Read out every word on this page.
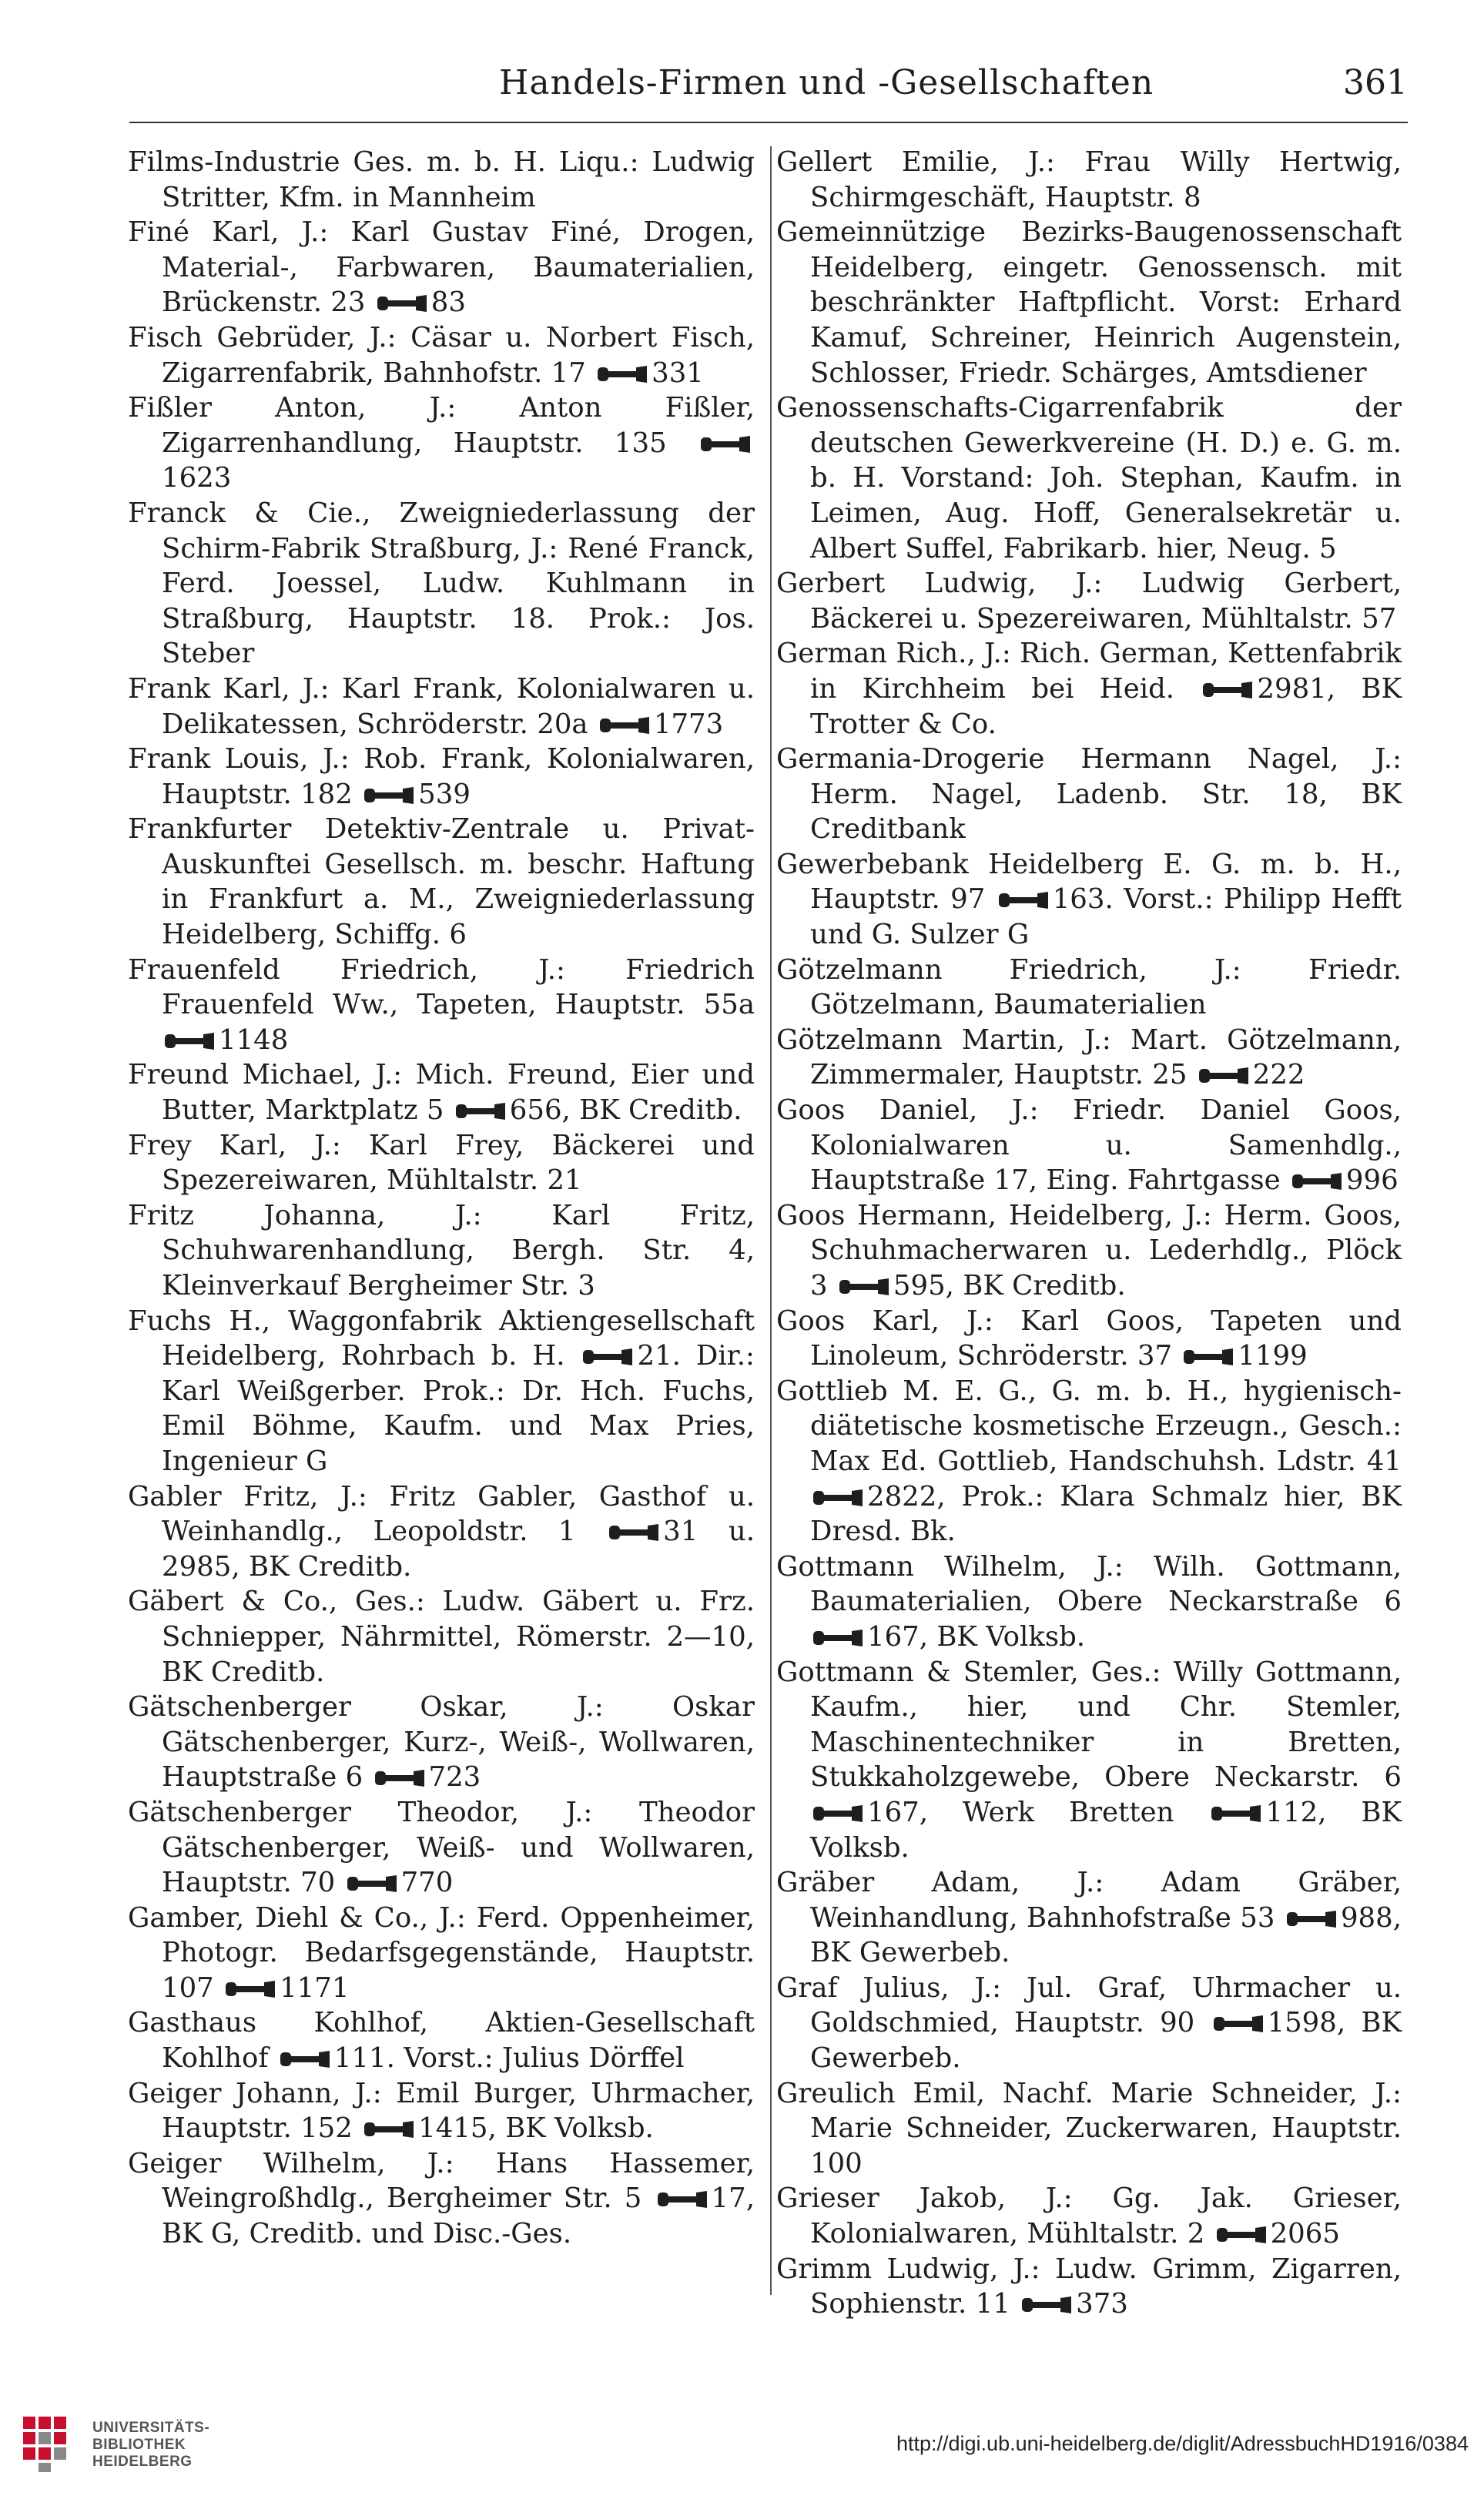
Handels-Firmen und -Gesellschaften	361

Films-Industrie Ges. m. b. H. Liqu.: Ludwig Stritter, Kfm. in Mannheim

Finé Karl, J.: Karl Gustav Finé, Drogen, Material-, Farbwaren, Baumaterialien, Brückenstr. 23 83

Fisch Gebrüder, J.: Cäsar u. Norbert Fisch, Zigarrenfabrik, Bahnhofstr. 17 331

Fißler Anton, J.: Anton Fißler, Zigarrenhandlung, Hauptstr. 135
1623

Franck & Cie., Zweigniederlassung der Schirm-Fabrik Straßburg, J.: René Franck, Ferd. Joessel, Ludw. Kuhlmann in Straßburg, Hauptstr. 18. Prok.: Jos. Steber

Frank Karl, J.: Karl Frank, Kolonialwaren u. Delikatessen, Schröderstr. 20a 1773

Frank Louis, J.: Rob. Frank, Kolonialwaren, Hauptstr. 182 539

Frankfurter Detektiv-Zentrale u. Privat-Auskunftei Gesellsch. m. beschr. Haftung in Frankfurt a. M., Zweigniederlassung Heidelberg, Schiffg. 6

Frauenfeld Friedrich, J.: Friedrich Frauenfeld Ww., Tapeten, Hauptstr. 55a
1148

Freund Michael, J.: Mich. Freund, Eier und Butter, Marktplatz 5 656, BK Creditb.

Frey Karl, J.: Karl Frey, Bäckerei und Spezereiwaren, Mühltalstr. 21

Fritz Johanna, J.: Karl Fritz, Schuhwarenhandlung, Bergh. Str. 4, Kleinverkauf Bergheimer Str. 3

Fuchs H., Waggonfabrik Aktiengesellschaft Heidelberg, Rohrbach b. H.	21. Dir.: Karl Weißgerber. Prok.: Dr. Hch. Fuchs, Emil Böhme, Kaufm. und Max Pries, Ingenieur G

Gabler Fritz, J.: Fritz Gabler, Gasthof u. Weinhandlg., Leopoldstr. 1	31 u. 2985, BK Creditb.

Gäbert & Co., Ges.: Ludw. Gäbert u. Frz. Schniepper, Nährmittel, Römerstr. 2—10, BK Creditb.

Gätschenberger Oskar, J.: Oskar Gätschenberger, Kurz-, Weiß-, Wollwaren, Hauptstraße 6 723

Gätschenberger Theodor, J.: Theodor Gätschenberger, Weiß- und Wollwaren, Hauptstr. 70 770

Gamber, Diehl & Co., J.: Ferd. Oppenheimer, Photogr. Bedarfsgegenstände, Hauptstr. 107 1171

Gasthaus Kohlhof, Aktien-Gesellschaft Kohlhof 111. Vorst.: Julius Dörffel

Geiger Johann, J.: Emil Burger, Uhrmacher, Hauptstr. 152 1415, BK Volksb.

Geiger Wilhelm, J.: Hans Hassemer, Weingroßhdlg., Bergheimer Str. 5	17, BK G, Creditb. und Disc.-Ges.

Gellert Emilie, J.: Frau Willy Hertwig, Schirmgeschäft, Hauptstr. 8

Gemeinnützige Bezirks-Baugenossenschaft Heidelberg, eingetr. Genossensch. mit beschränkter Haftpflicht. Vorst: Erhard Kamuf, Schreiner, Heinrich Augenstein, Schlosser, Friedr. Schärges, Amtsdiener

Genossenschafts-Cigarrenfabrik der deutschen Gewerkvereine (H. D.) e. G. m. b. H. Vorstand: Joh. Stephan, Kaufm. in Leimen, Aug. Hoff, Generalsekretär u. Albert Suffel, Fabrikarb. hier, Neug. 5

Gerbert Ludwig, J.: Ludwig Gerbert, Bäckerei u. Spezereiwaren, Mühltalstr. 57

German Rich., J.: Rich. German, Kettenfabrik in Kirchheim bei Heid.	2981, BK Trotter & Co.

Germania-Drogerie Hermann Nagel, J.: Herm. Nagel, Ladenb. Str. 18, BK Creditbank

Gewerbebank Heidelberg E. G. m. b. H., Hauptstr. 97 163. Vorst.: Philipp Hefft und G. Sulzer G

Götzelmann Friedrich, J.: Friedr. Götzelmann, Baumaterialien

Götzelmann Martin, J.: Mart. Götzelmann, Zimmermaler, Hauptstr. 25 222

Goos Daniel, J.: Friedr. Daniel Goos, Kolonialwaren u. Samenhdlg., Hauptstraße 17, Eing. Fahrtgasse 996

Goos Hermann, Heidelberg, J.: Herm. Goos, Schuhmacherwaren u. Lederhdlg., Plöck 3 595, BK Creditb.

Goos Karl, J.: Karl Goos, Tapeten und Linoleum, Schröderstr. 37 1199

Gottlieb M. E. G., G. m. b. H., hygienisch-diätetische kosmetische Erzeugn., Gesch.: Max Ed. Gottlieb, Handschuhsh. Ldstr. 41
2822, Prok.: Klara Schmalz hier, BK Dresd. Bk.

Gottmann Wilhelm, J.: Wilh. Gottmann, Baumaterialien, Obere Neckarstraße 6
167, BK Volksb.

Gottmann & Stemler, Ges.: Willy Gottmann, Kaufm., hier, und Chr. Stemler, Maschinentechniker in Bretten, Stukkaholzgewebe, Obere Neckarstr. 6
167, Werk Bretten	112, BK Volksb.

Gräber Adam, J.: Adam Gräber, Weinhandlung, Bahnhofstraße 53 988, BK Gewerbeb.

Graf Julius, J.: Jul. Graf, Uhrmacher u. Goldschmied, Hauptstr. 90	1598, BK Gewerbeb.

Greulich Emil, Nachf. Marie Schneider, J.: Marie Schneider, Zuckerwaren, Hauptstr. 100

Grieser Jakob, J.: Gg. Jak. Grieser, Kolonialwaren, Mühltalstr. 2 2065

Grimm Ludwig, J.: Ludw. Grimm, Zigarren, Sophienstr. 11 373

UNIVERSITÄTS-
BIBLIOTHEK
HEIDELBERG
http://digi.ub.uni-heidelberg.de/diglit/AdressbuchHD1916/0384
